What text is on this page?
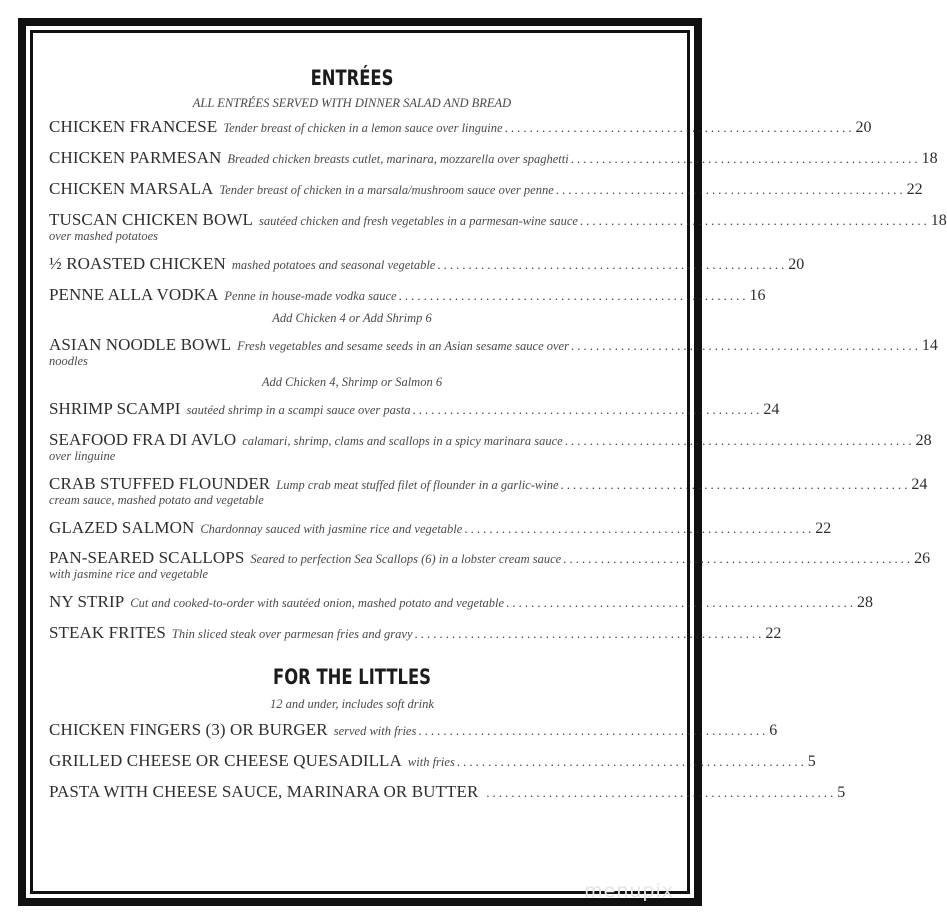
ENTRÉES
ALL ENTRÉES SERVED WITH DINNER SALAD AND BREAD
CHICKEN FRANCESE Tender breast of chicken in a lemon sauce over linguine . . .	20
CHICKEN PARMESAN Breaded chicken breasts cutlet, marinara, mozzarella over spaghetti . . .	18
CHICKEN MARSALA Tender breast of chicken in a marsala/mushroom sauce over penne . . .	22
TUSCAN CHICKEN BOWL sautéed chicken and fresh vegetables in a parmesan-wine sauce . . .	18
over mashed potatoes
½ ROASTED CHICKEN mashed potatoes and seasonal vegetable . . .	20
PENNE ALLA VODKA Penne in house-made vodka sauce . . .	16
Add Chicken 4 or Add Shrimp 6
ASIAN NOODLE BOWL Fresh vegetables and sesame seeds in an Asian sesame sauce over . . .	14
noodles
Add Chicken 4, Shrimp or Salmon 6
SHRIMP SCAMPI sautéed shrimp in a scampi sauce over pasta . . .	24
SEAFOOD FRA DI AVLO calamari, shrimp, clams and scallops in a spicy marinara sauce . . .	28
over linguine
CRAB STUFFED FLOUNDER Lump crab meat stuffed filet of flounder in a garlic-wine . . .	24
cream sauce, mashed potato and vegetable
GLAZED SALMON Chardonnay sauced with jasmine rice and vegetable . . .	22
PAN-SEARED SCALLOPS Seared to perfection Sea Scallops (6) in a lobster cream sauce . . .	26
with jasmine rice and vegetable
NY STRIP Cut and cooked-to-order with sautéed onion, mashed potato and vegetable . . .	28
STEAK FRITES Thin sliced steak over parmesan fries and gravy . . .	22
FOR THE LITTLES
12 and under, includes soft drink
CHICKEN FINGERS (3) OR BURGER served with fries . . .	6
GRILLED CHEESE OR CHEESE QUESADILLA with fries . . .	5
PASTA WITH CHEESE SAUCE, MARINARA OR BUTTER . . .	5
menupix
